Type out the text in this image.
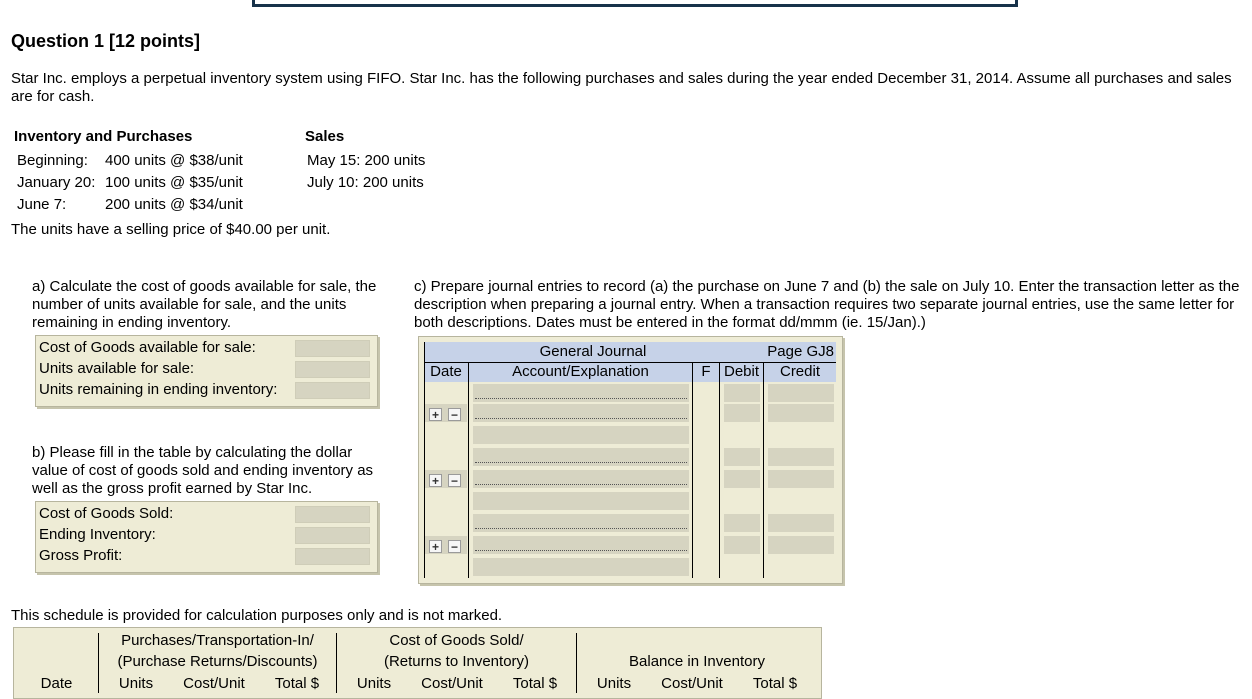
Question 1 [12 points]
Star Inc. employs a perpetual inventory system using FIFO. Star Inc. has the following purchases and sales during the year ended December 31, 2014. Assume all purchases and sales are for cash.
Inventory and Purchases
Beginning: 400 units @ $38/unit
January 20: 100 units @ $35/unit
June 7:	200 units @ $34/unit
Sales
May 15: 200 units
July 10: 200 units
The units have a selling price of $40.00 per unit.
a) Calculate the cost of goods available for sale, the number of units available for sale, and the units remaining in ending inventory.
Cost of Goods available for sale:
Units available for sale:
Units remaining in ending inventory:
b) Please fill in the table by calculating the dollar value of cost of goods sold and ending inventory as well as the gross profit earned by Star Inc.
Cost of Goods Sold:
Ending Inventory:
Gross Profit:
c) Prepare journal entries to record (a) the purchase on June 7 and (b) the sale on July 10. Enter the transaction letter as the description when preparing a journal entry. When a transaction requires two separate journal entries, use the same letter for both descriptions. Dates must be entered in the format dd/mmm (ie. 15/Jan).)
General Journal	Page GJ8
Date	Account/Explanation	F Debit	Credit
+ −
+ −
+ −
This schedule is provided for calculation purposes only and is not marked.
Purchases/Transportation-In/
(Purchase Returns/Discounts)
Cost of Goods Sold/
(Returns to Inventory)	Balance in Inventory
Date	Units	Cost/Unit	Total $	Units	Cost/Unit	Total $	Units	Cost/Unit	Total $
